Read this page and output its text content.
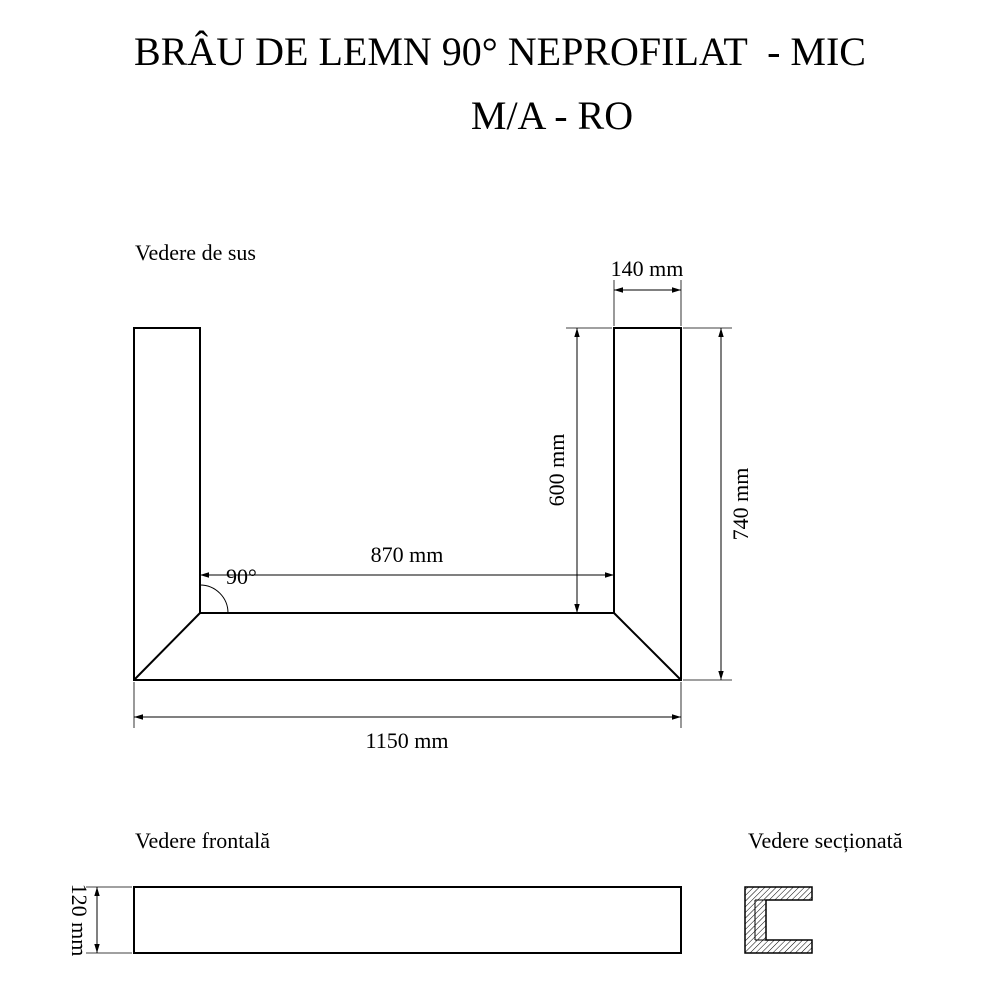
BRÂU DE LEMN 90° NEPROFILAT  - MIC
M/A - RO
Vedere de sus
90°
140 mm
600 mm	740 mm
870 mm
1150 mm
Vedere frontală
120 mm
Vedere secționată
